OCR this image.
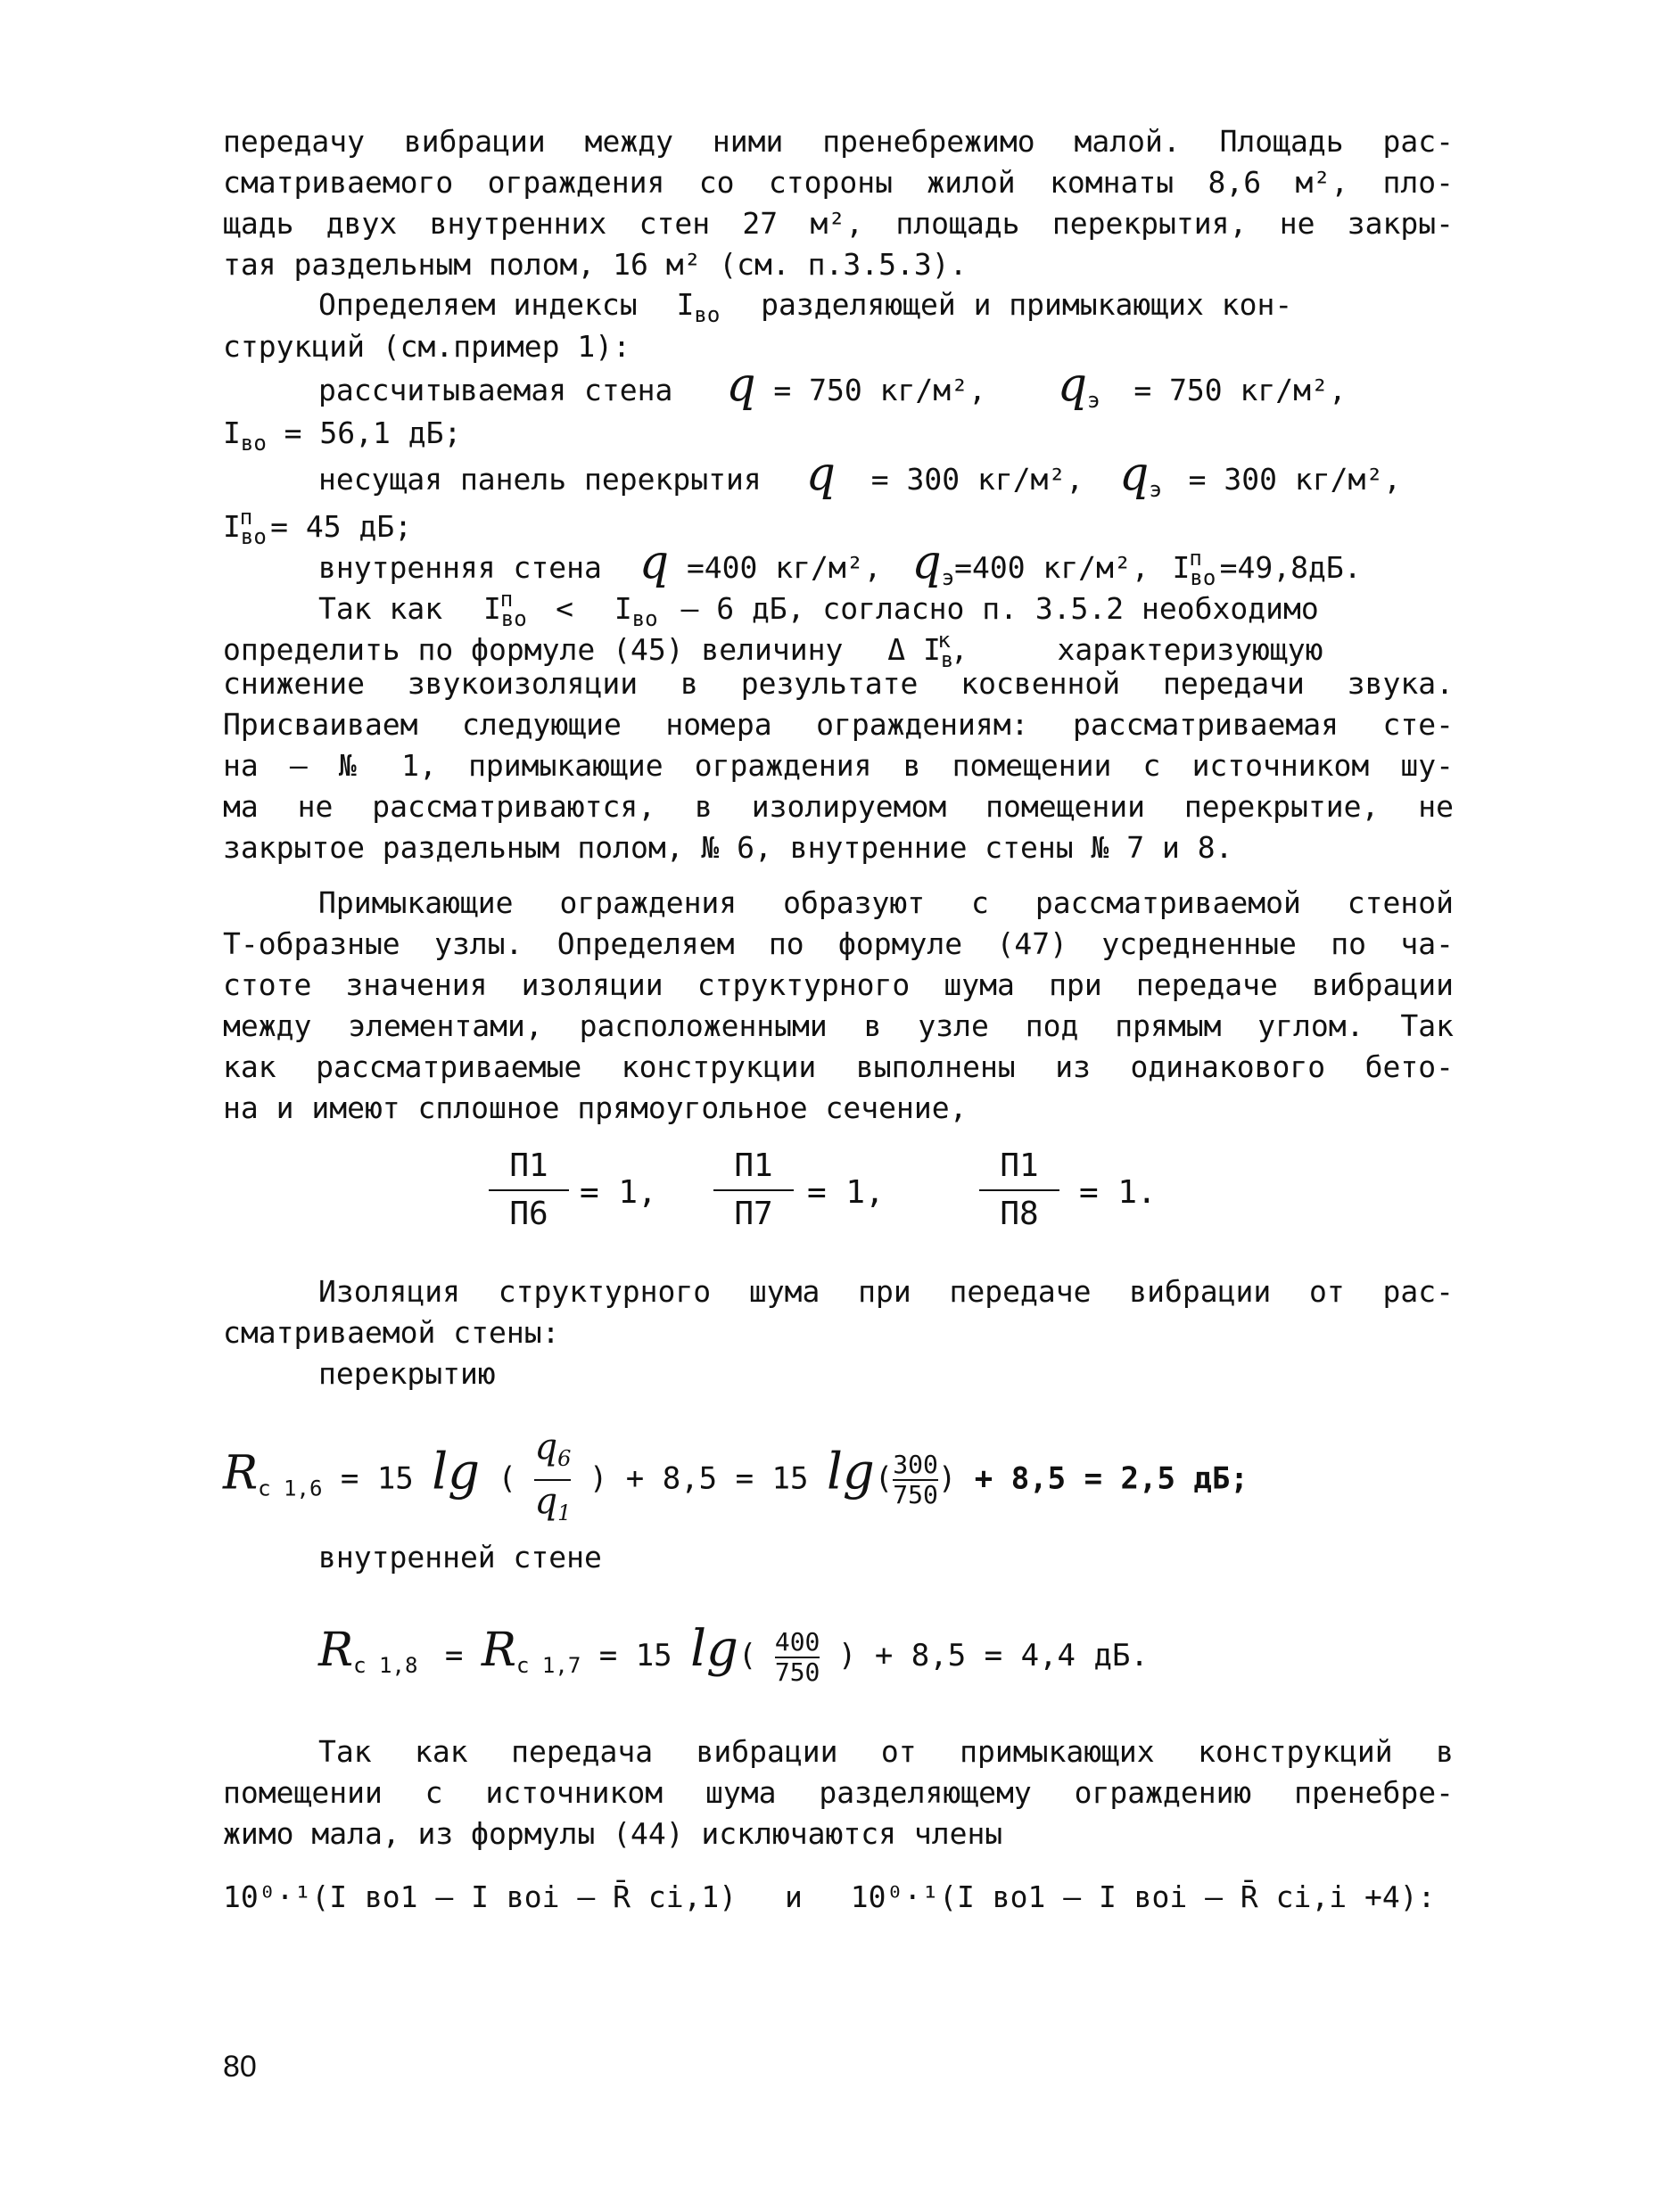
передачу вибрации между ними пренебрежимо малой. Площадь рас-
сматриваемого ограждения со стороны жилой комнаты 8,6 м², пло-
щадь двух внутренних стен 27 м², площадь перекрытия, не закры-
тая раздельным полом, 16 м² (см. п.3.5.3).
Определяем индексы $I_{во}$ разделяющей и примыкающих кон-
струкций (см.пример 1):
рассчитываемая стена q = 750 кг/м², $q_э = 750$ кг/м²,
$I_{во} = 56,1$ дБ;
несущая панель перекрытия q = 300 кг/м², $q_э = 300$ кг/м²,
$I_{во}^п = 45$ дБ;
внутренняя стена q =400 кг/м², $q_э=400$ кг/м², $I_{во}^п =49,8дБ$.
Так как $I_{во}^п < I_{во} - 6$ дБ, согласно п. 3.5.2 необходимо
определить по формуле (45) величину Δ $I_в^к$, характеризующую
снижение звукоизоляции в результате косвенной передачи звука.
Присваиваем следующие номера ограждениям: рассматриваемая сте-
на – № 1, примыкающие ограждения в помещении с источником шу-
ма не рассматриваются, в изолируемом помещении перекрытие, не
закрытое раздельным полом, № 6, внутренние стены № 7 и 8.
Примыкающие ограждения образуют с рассматриваемой стеной
Т-образные узлы. Определяем по формуле (47) усредненные по ча-
стоте значения изоляции структурного шума при передаче вибрации
между элементами, расположенными в узле под прямым углом. Так
как рассматриваемые конструкции выполнены из одинакового бето-
на и имеют сплошное прямоугольное сечение,
П1
П6
= 1,
П1
П7
= 1,
П1
П8
= 1.
Изоляция структурного шума при передаче вибрации от рас-
сматриваемой стены:
перекрытию
$R_{с 1,6} = 15$ lg ( $\frac{q_6}{q_1}$ ) + 8,5 = 15 $\lg(\frac{300}{750}$ ) + 8,5 = 2,5 дБ;
внутренней стене
$R_{с 1,8} = R_{с 1,7} = 15$ $\lg( \frac{400}{750}$ ) + 8,5 = 4,4 дБ.
Так как передача вибрации от примыкающих конструкций в
помещении с источником шума разделяющему ограждению пренебре-
жимо мала, из формулы (44) исключаются члены
10⁰·¹(I во1 – I воi – R̄ сi,1) и 10⁰·¹(I во1 – I воi – R̄ сi,i +4):
80
